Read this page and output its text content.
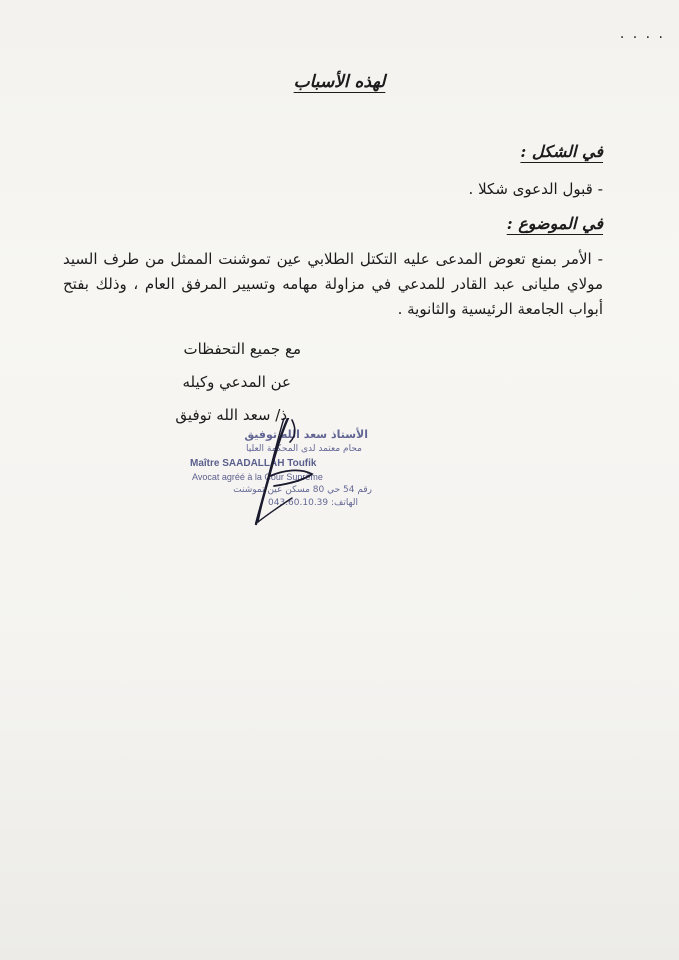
. . . .
لهذه الأسباب
في الشكل :
- قبول الدعوى شكلا .
في الموضوع :
- الأمر بمنع تعوض المدعى عليه التكتل الطلابي عين تموشنت الممثل من طرف السيد مولاي مليانى عبد القادر للمدعي في مزاولة مهامه وتسيير المرفق العام ، وذلك بفتح أبواب الجامعة الرئيسية والثانوية .
مع جميع التحفظات
عن المدعي وكيله
ذ/ سعد الله توفيق
الأستاذ سعد الله توفيق
محام معتمد لدى المحكمة العليا
Maître SAADALLAH Toufik
Avocat agréé à la Cour Suprême
رقم 54 حي 80 مسكن عين تموشنت
الهاتف: 043.60.10.39
